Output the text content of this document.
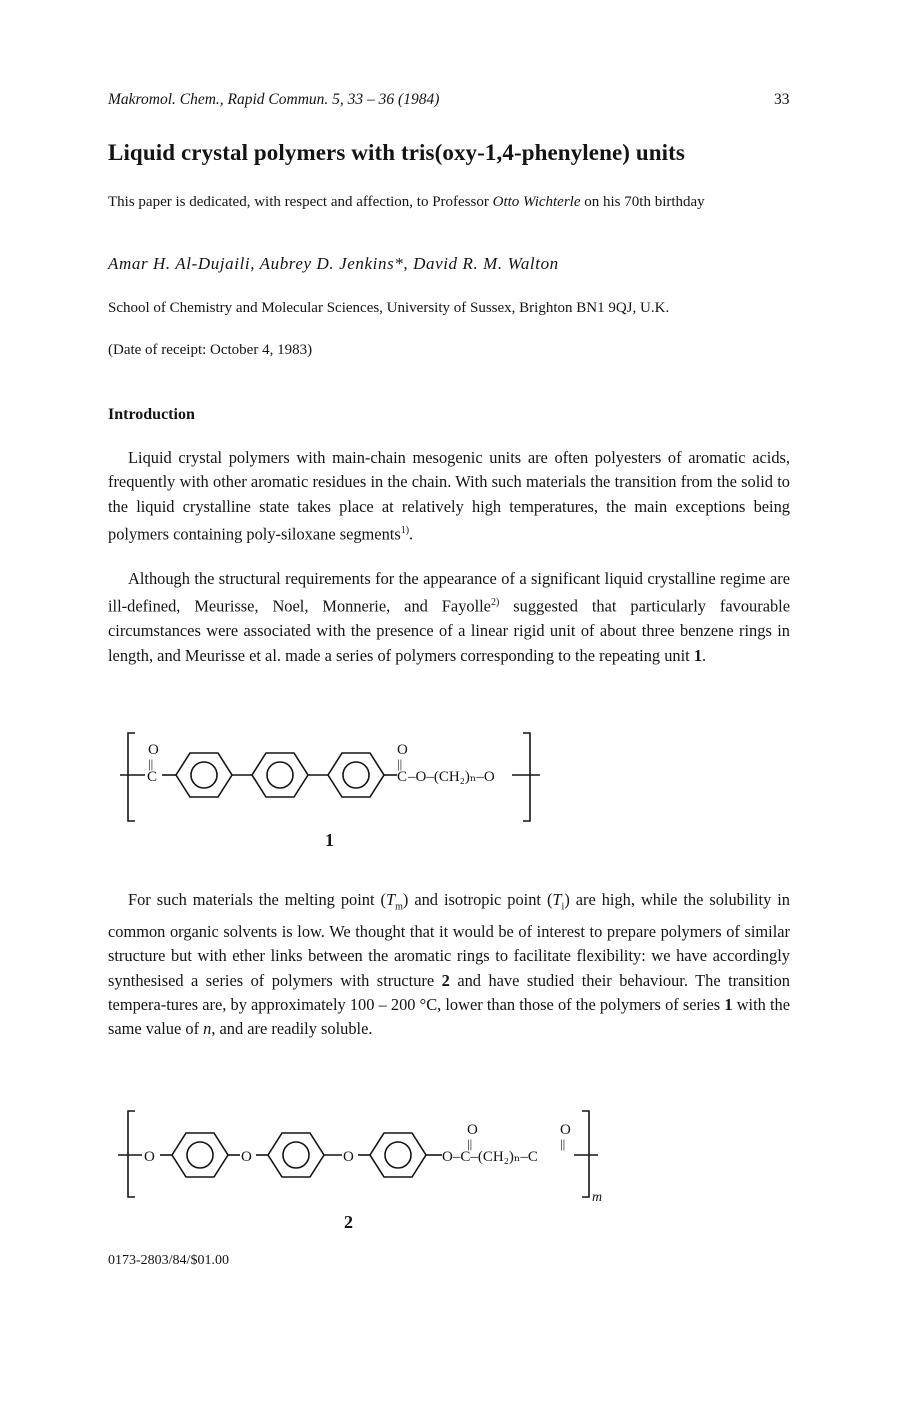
Makromol. Chem., Rapid Commun. 5, 33 – 36 (1984)	33
Liquid crystal polymers with tris(oxy-1,4-phenylene) units
This paper is dedicated, with respect and affection, to Professor Otto Wichterle on his 70th birthday
Amar H. Al-Dujaili, Aubrey D. Jenkins*, David R. M. Walton
School of Chemistry and Molecular Sciences, University of Sussex, Brighton BN1 9QJ, U.K.
(Date of receipt: October 4, 1983)
Introduction

Liquid crystal polymers with main-chain mesogenic units are often polyesters of aromatic acids, frequently with other aromatic residues in the chain. With such materials the transition from the solid to the liquid crystalline state takes place at relatively high temperatures, the main exceptions being polymers containing poly-siloxane segments$^{1)}$.

Although the structural requirements for the appearance of a significant liquid crystalline regime are ill-defined, Meurisse, Noel, Monnerie, and Fayolle$^{2)}$ suggested that particularly favourable circumstances were associated with the presence of a linear rigid unit of about three benzene rings in length, and Meurisse et al. made a series of polymers corresponding to the repeating unit 1.

O
||
C
O
||
C –O–(CH₂)ₙ–O
1

For such materials the melting point $(T_m)$ and isotropic point $(T_i)$ are high, while the solubility in common organic solvents is low. We thought that it would be of interest to prepare polymers of similar structure but with ether links between the aromatic rings to facilitate flexibility: we have accordingly synthesised a series of polymers with structure 2 and have studied their behaviour. The transition tempera-tures are, by approximately 100 – 200 °C, lower than those of the polymers of series 1 with the same value of n, and are readily soluble.

O	O	O
O
||
O
||
O–C–(CH₂)ₙ–C
m
2
0173-2803/84/$01.00
